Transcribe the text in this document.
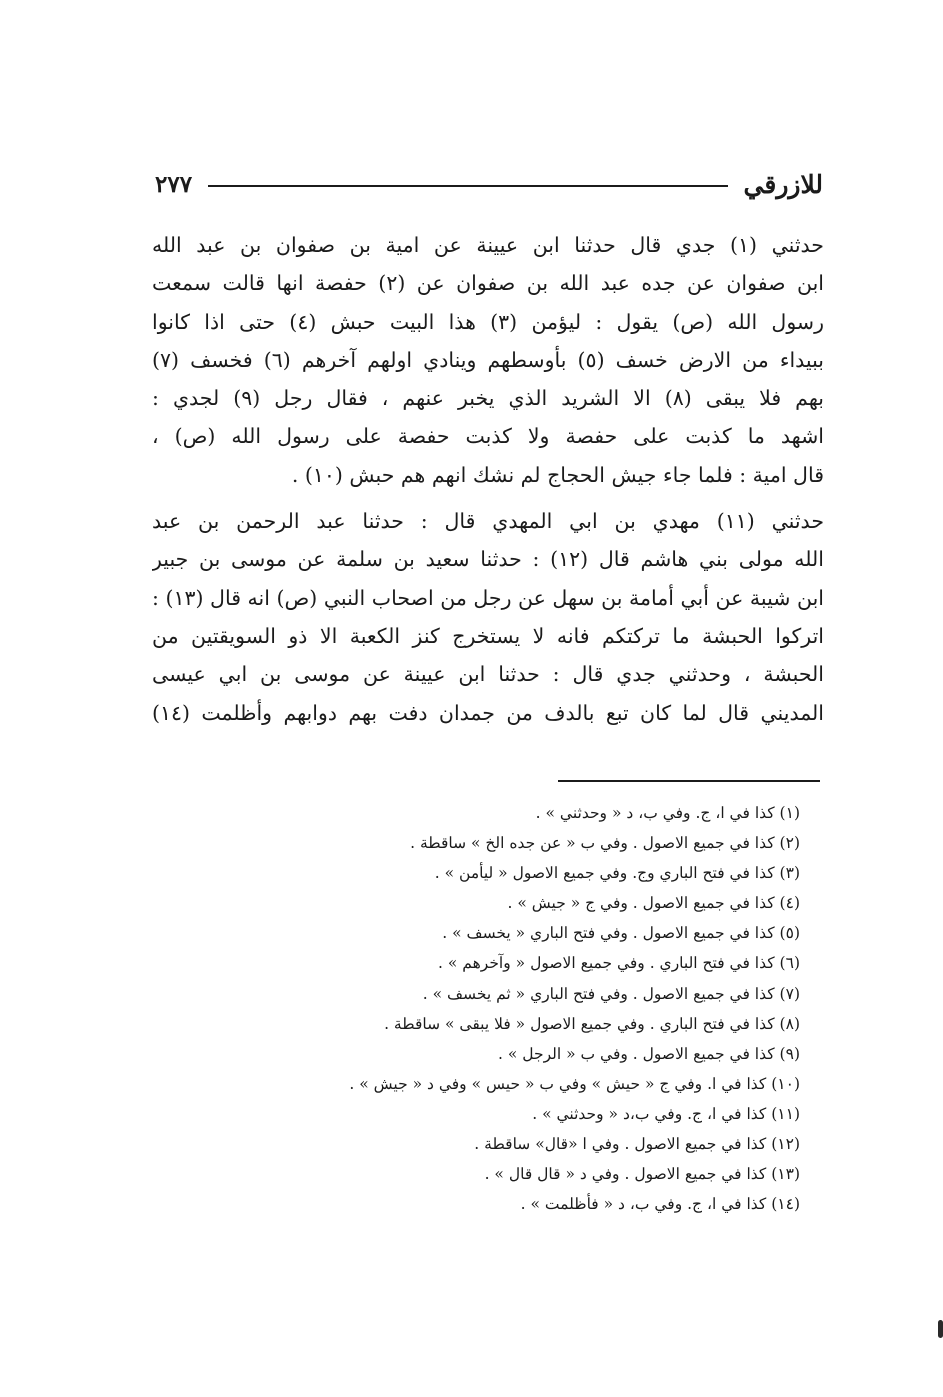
للازرقي
٢٧٧
حدثني (١) جدي قال حدثنا ابن عيينة عن امية بن صفوان بن عبد الله
ابن صفوان عن جده عبد الله بن صفوان عن (٢) حفصة انها قالت سمعت
رسول الله (ص) يقول : ليؤمن (٣) هذا البيت حبش (٤) حتى اذا كانوا
ببيداء من الارض خسف (٥) بأوسطهم وينادي اولهم آخرهم (٦) فخسف (٧)
بهم فلا يبقى (٨) الا الشريد الذي يخبر عنهم ، فقال رجل (٩) لجدي :
اشهد ما كذبت على حفصة ولا كذبت حفصة على رسول الله (ص) ،
قال امية : فلما جاء جيش الحجاج لم نشك انهم هم حبش (١٠) .
حدثني (١١) مهدي بن ابي المهدي قال : حدثنا عبد الرحمن بن عبد
الله مولى بني هاشم قال (١٢) : حدثنا سعيد بن سلمة عن موسى بن جبير
ابن شيبة عن أبي أمامة بن سهل عن رجل من اصحاب النبي (ص) انه قال (١٣) :
اتركوا الحبشة ما تركتكم فانه لا يستخرج كنز الكعبة الا ذو السويقتين من
الحبشة ، وحدثني جدي قال : حدثنا ابن عيينة عن موسى بن ابي عيسى
المديني قال لما كان تبع بالدف من جمدان دفت بهم دوابهم وأظلمت (١٤)
(١) كذا في ا، ج. وفي ب، د « وحدثني » .
(٢) كذا في جميع الاصول . وفي ب « عن جده الخ » ساقطة .
(٣) كذا في فتح الباري وج. وفي جميع الاصول « ليأمن » .
(٤) كذا في جميع الاصول . وفي ج « جيش » .
(٥) كذا في جميع الاصول . وفي فتح الباري « يخسف » .
(٦) كذا في فتح الباري . وفي جميع الاصول « وآخرهم » .
(٧) كذا في جميع الاصول . وفي فتح الباري « ثم يخسف » .
(٨) كذا في فتح الباري . وفي جميع الاصول « فلا يبقى » ساقطة .
(٩) كذا في جميع الاصول . وفي ب « الرجل » .
(١٠) كذا في ا. وفي ج « حيش » وفي ب « حيس » وفي د « جيش » .
(١١) كذا في ا، ج. وفي ب،د « وحدثني » .
(١٢) كذا في جميع الاصول . وفي ا «قال» ساقطة .
(١٣) كذا في جميع الاصول . وفي د « قال قال » .
(١٤) كذا في ا، ج. وفي ب، د « فأظلمت » .
